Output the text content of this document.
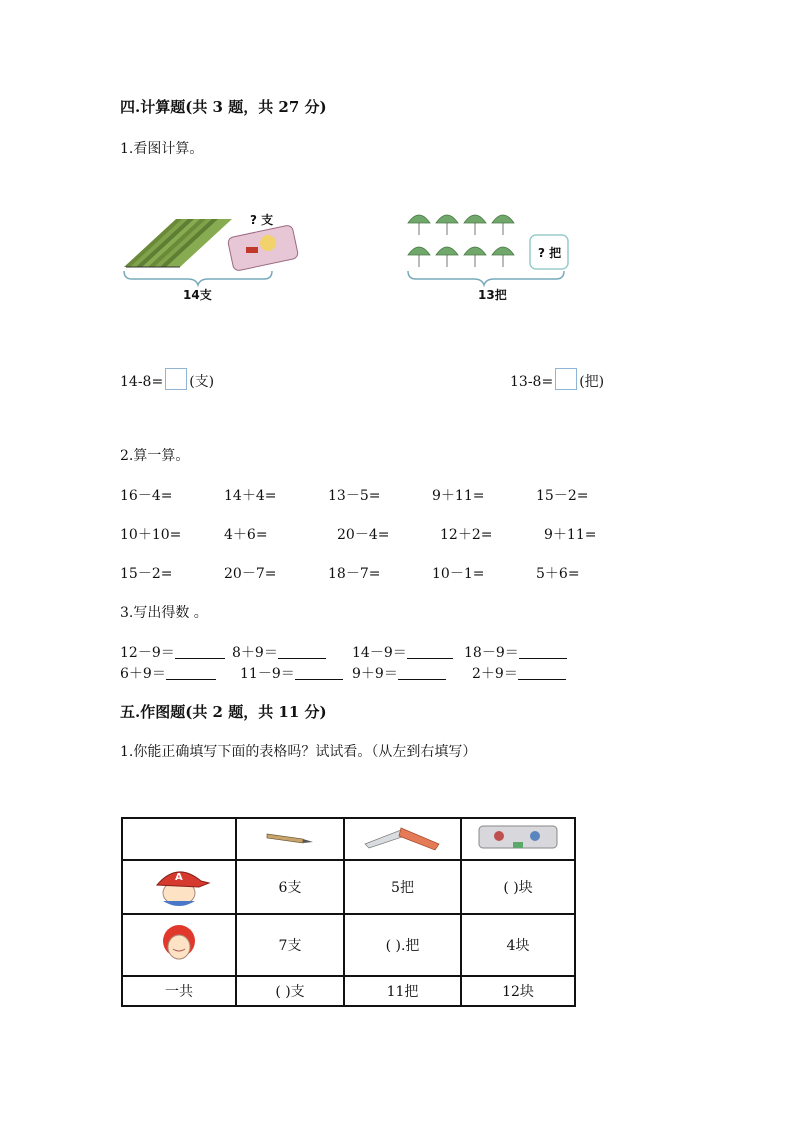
四.计算题(共 3 题，共 27 分)
1.看图计算。
? 支
14支
? 把
13把
14-8= (支)	13-8= (把)
2.算一算。
16－4=	14＋4=	13－5=	9＋11=	15－2=
10＋10=	4＋6=	20－4=	12＋2=	9＋11=
15－2=	20－7=	18－7=	10－1=	5＋6=
3.写出得数 。
12－9＝	8＋9＝	14－9＝	18－9＝
6＋9＝	11－9＝	9＋9＝	2＋9＝
五.作图题(共 2 题，共 11 分)
1.你能正确填写下面的表格吗？试试看。（从左到右填写）

A	6支	5把	( )块
	7支	( ).把	4块
一共	( )支	11把	12块
